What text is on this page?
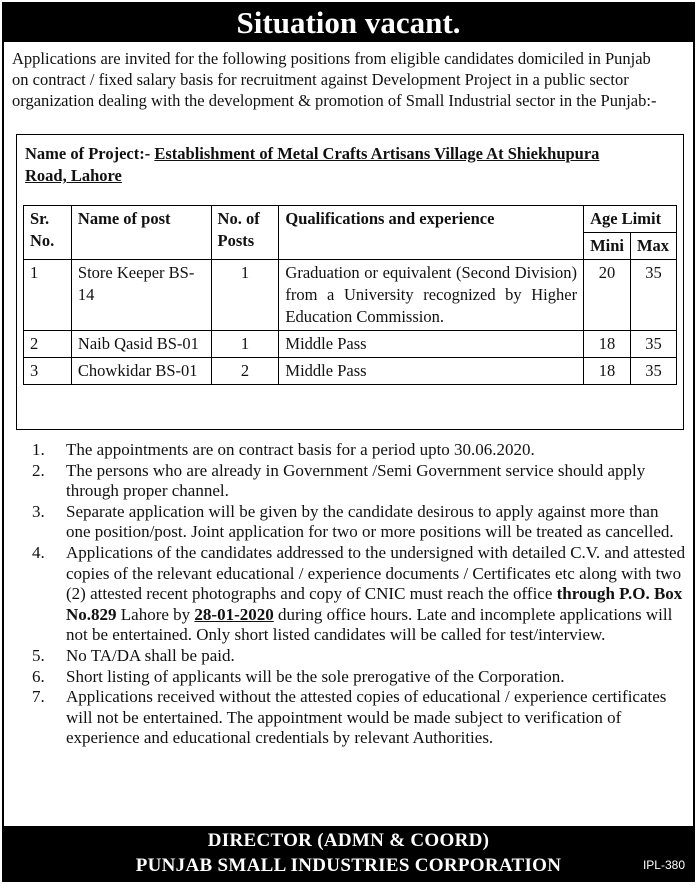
Situation vacant.
Applications are invited for the following positions from eligible candidates domiciled in Punjab
on contract / fixed salary basis for recruitment against Development Project in a public sector
organization dealing with the development & promotion of Small Industrial sector in the Punjab:-
Name of Project:- Establishment of Metal Crafts Artisans Village At Shiekhupura
Road, Lahore
Sr. No.	Name of post	No. of Posts	Qualifications and experience	Age Limit	
				Mini	Max
1	Store Keeper BS-14	1	Graduation or equivalent (Second Division) from a University recognized by Higher Education Commission.	20	35
2	Naib Qasid BS-01	1	Middle Pass	18	35
3	Chowkidar BS-01	2	Middle Pass	18	35
1. The appointments are on contract basis for a period upto 30.06.2020.
2. The persons who are already in Government /Semi Government service should apply through proper channel.
3. Separate application will be given by the candidate desirous to apply against more than one position/post. Joint application for two or more positions will be treated as cancelled.
4. Applications of the candidates addressed to the undersigned with detailed C.V. and attested copies of the relevant educational / experience documents / Certificates etc along with two (2) attested recent photographs and copy of CNIC must reach the office through P.O. Box No.829 Lahore by 28-01-2020 during office hours. Late and incomplete applications will not be entertained. Only short listed candidates will be called for test/interview.
5. No TA/DA shall be paid.
6. Short listing of applicants will be the sole prerogative of the Corporation.
7. Applications received without the attested copies of educational / experience certificates will not be entertained. The appointment would be made subject to verification of experience and educational credentials by relevant Authorities.
DIRECTOR (ADMN & COORD)
PUNJAB SMALL INDUSTRIES CORPORATION	IPL-380
